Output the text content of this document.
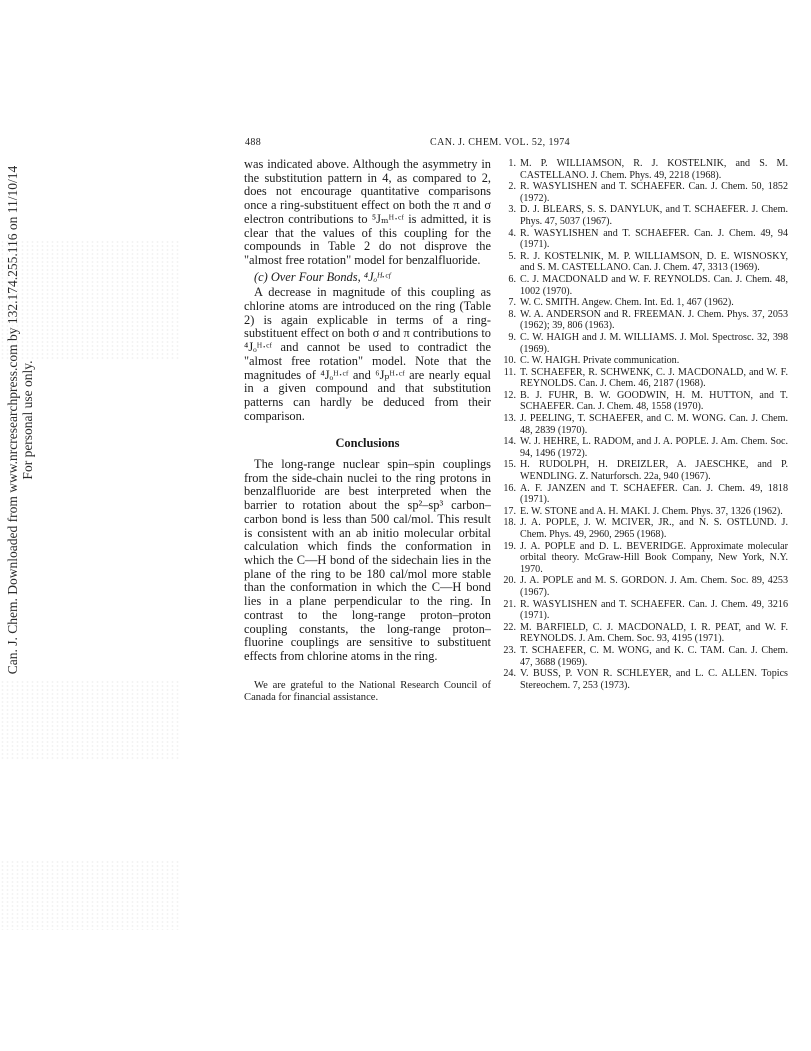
Can. J. Chem. Downloaded from www.nrcresearchpress.com by 132.174.255.116 on 11/10/14 For personal use only.
488	CAN. J. CHEM. VOL. 52, 1974

was indicated above. Although the asymmetry in the substitution pattern in 4, as compared to 2, does not encourage quantitative comparisons once a ring-substituent effect on both the π and σ electron contributions to ⁵Jₘᴴ·ᶜᶠ is admitted, it is clear that the values of this coupling for the compounds in Table 2 do not disprove the "almost free rotation" model for benzalfluoride.

(c) Over Four Bonds, ⁴Jₒᴴ·ᶜᶠ

A decrease in magnitude of this coupling as chlorine atoms are introduced on the ring (Table 2) is again explicable in terms of a ring-substituent effect on both σ and π contributions to ⁴Jₒᴴ·ᶜᶠ and cannot be used to contradict the "almost free rotation" model. Note that the magnitudes of ⁴Jₒᴴ·ᶜᶠ and ⁶Jₚᴴ·ᶜᶠ are nearly equal in a given compound and that substitution patterns can hardly be deduced from their comparison.

Conclusions

The long-range nuclear spin–spin couplings from the side-chain nuclei to the ring protons in benzalfluoride are best interpreted when the barrier to rotation about the sp²–sp³ carbon–carbon bond is less than 500 cal/mol. This result is consistent with an ab initio molecular orbital calculation which finds the conformation in which the C—H bond of the sidechain lies in the plane of the ring to be 180 cal/mol more stable than the conformation in which the C—H bond lies in a plane perpendicular to the ring. In contrast to the long-range proton–proton coupling constants, the long-range proton–fluorine couplings are sensitive to substituent effects from chlorine atoms in the ring.

We are grateful to the National Research Council of Canada for financial assistance.

1. M. P. WILLIAMSON, R. J. KOSTELNIK, and S. M. CASTELLANO. J. Chem. Phys. 49, 2218 (1968).
2. R. WASYLISHEN and T. SCHAEFER. Can. J. Chem. 50, 1852 (1972).
3. D. J. BLEARS, S. S. DANYLUK, and T. SCHAEFER. J. Chem. Phys. 47, 5037 (1967).
4. R. WASYLISHEN and T. SCHAEFER. Can. J. Chem. 49, 94 (1971).
5. R. J. KOSTELNIK, M. P. WILLIAMSON, D. E. WISNOSKY, and S. M. CASTELLANO. Can. J. Chem. 47, 3313 (1969).
6. C. J. MACDONALD and W. F. REYNOLDS. Can. J. Chem. 48, 1002 (1970).
7. W. C. SMITH. Angew. Chem. Int. Ed. 1, 467 (1962).
8. W. A. ANDERSON and R. FREEMAN. J. Chem. Phys. 37, 2053 (1962); 39, 806 (1963).
9. C. W. HAIGH and J. M. WILLIAMS. J. Mol. Spectrosc. 32, 398 (1969).
10. C. W. HAIGH. Private communication.
11. T. SCHAEFER, R. SCHWENK, C. J. MACDONALD, and W. F. REYNOLDS. Can. J. Chem. 46, 2187 (1968).
12. B. J. FUHR, B. W. GOODWIN, H. M. HUTTON, and T. SCHAEFER. Can. J. Chem. 48, 1558 (1970).
13. J. PEELING, T. SCHAEFER, and C. M. WONG. Can. J. Chem. 48, 2839 (1970).
14. W. J. HEHRE, L. RADOM, and J. A. POPLE. J. Am. Chem. Soc. 94, 1496 (1972).
15. H. RUDOLPH, H. DREIZLER, A. JAESCHKE, and P. WENDLING. Z. Naturforsch. 22a, 940 (1967).
16. A. F. JANZEN and T. SCHAEFER. Can. J. Chem. 49, 1818 (1971).
17. E. W. STONE and A. H. MAKI. J. Chem. Phys. 37, 1326 (1962).
18. J. A. POPLE, J. W. MCIVER, JR., and N. S. OSTLUND. J. Chem. Phys. 49, 2960, 2965 (1968).
19. J. A. POPLE and D. L. BEVERIDGE. Approximate molecular orbital theory. McGraw-Hill Book Company, New York, N.Y. 1970.
20. J. A. POPLE and M. S. GORDON. J. Am. Chem. Soc. 89, 4253 (1967).
21. R. WASYLISHEN and T. SCHAEFER. Can. J. Chem. 49, 3216 (1971).
22. M. BARFIELD, C. J. MACDONALD, I. R. PEAT, and W. F. REYNOLDS. J. Am. Chem. Soc. 93, 4195 (1971).
23. T. SCHAEFER, C. M. WONG, and K. C. TAM. Can. J. Chem. 47, 3688 (1969).
24. V. BUSS, P. VON R. SCHLEYER, and L. C. ALLEN. Topics Stereochem. 7, 253 (1973).
